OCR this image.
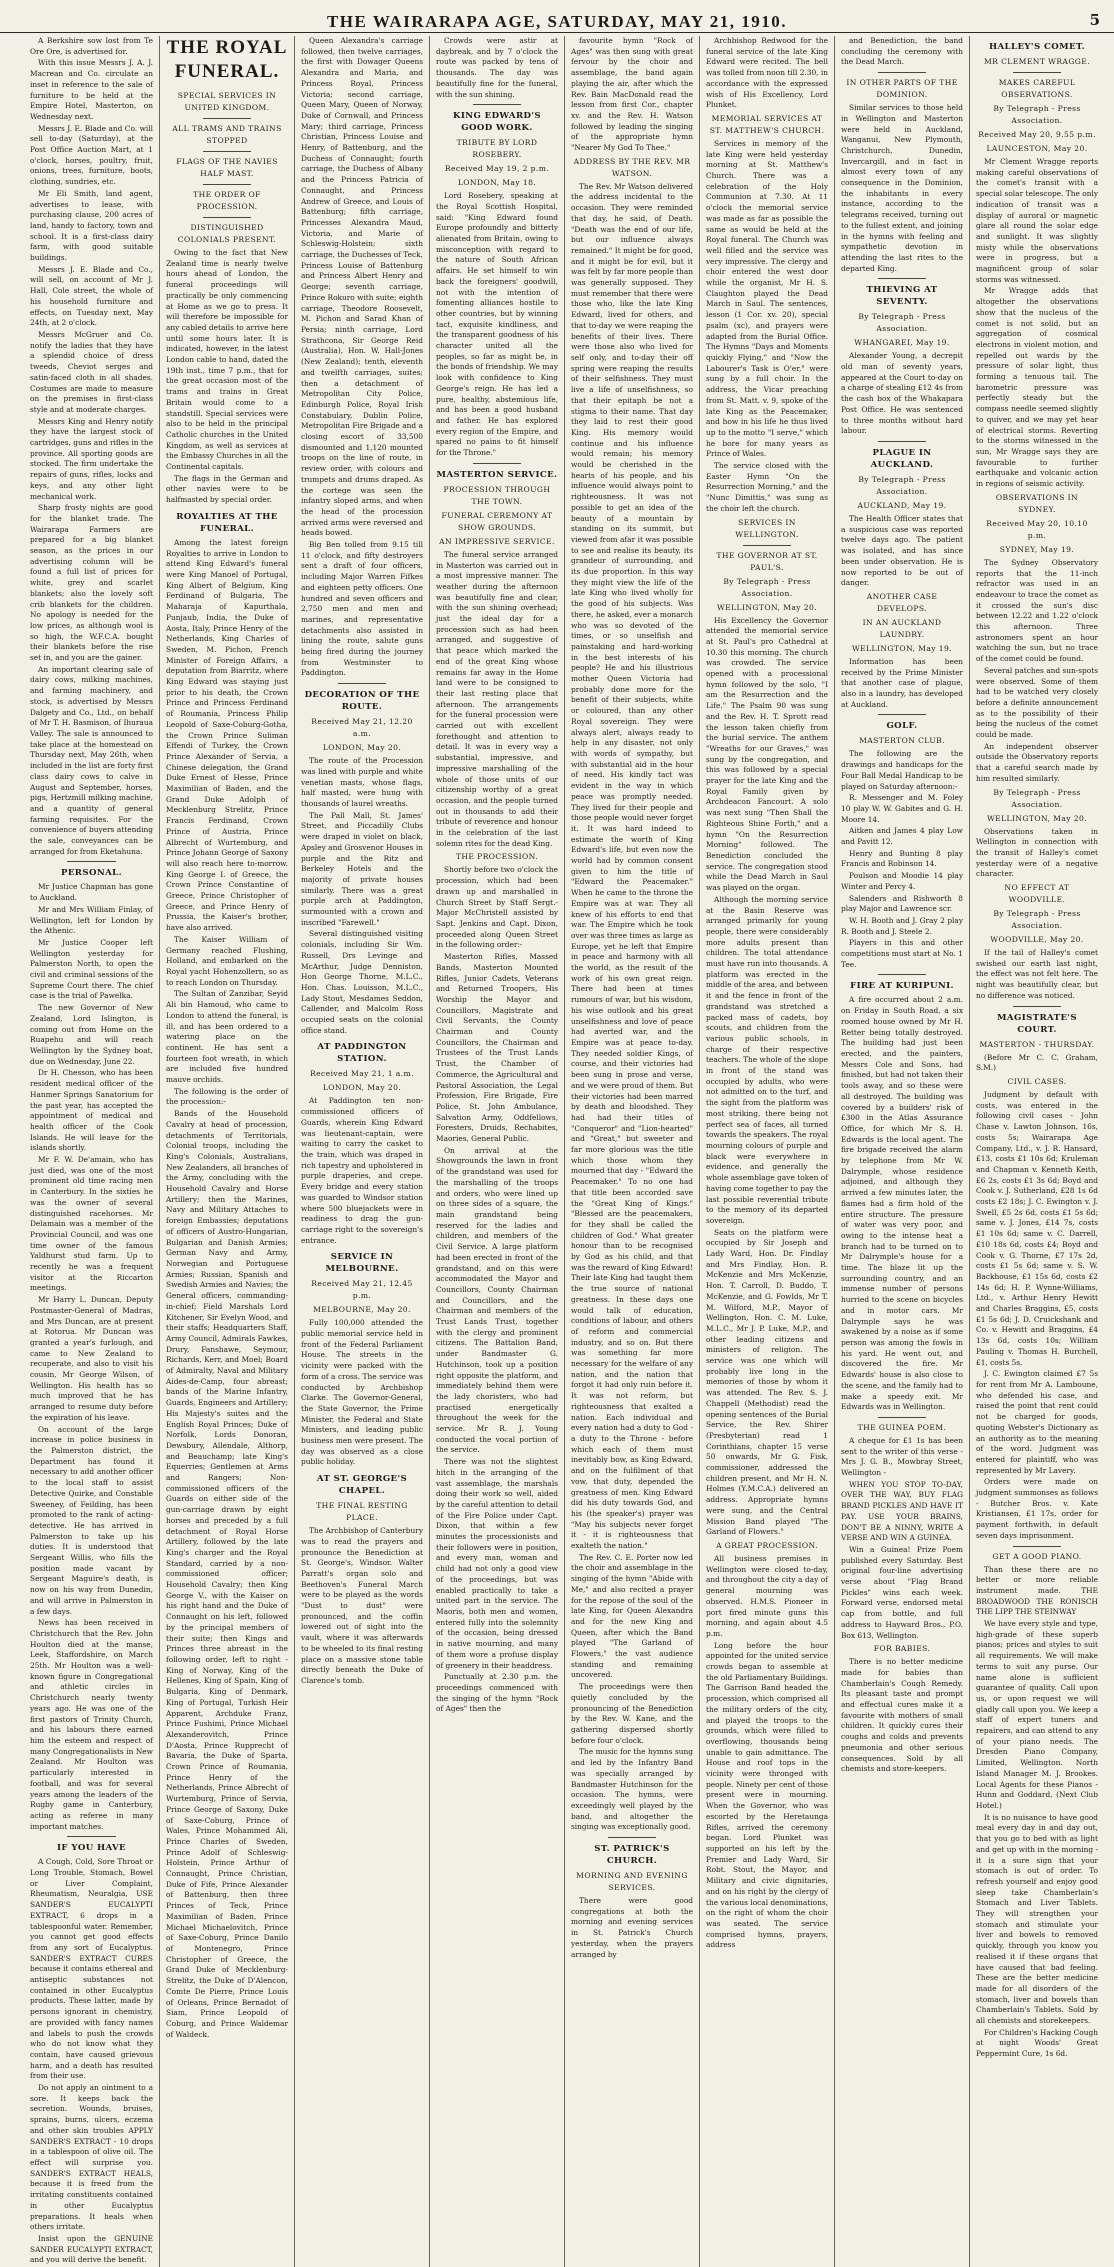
THE WAIRARAPA AGE, SATURDAY, MAY 21, 1910.	5

A Berkshire sow lost from Te Ore Ore, is advertised for.

With this issue Messrs J. A. J. Macrean and Co. circulate an inset in reference to the sale of furniture to be held at the Empire Hotel, Masterton, on Wednesday next.

Messrs J. E. Blade and Co. will sell to-day (Saturday), at the Post Office Auction Mart, at 1 o'clock, horses, poultry, fruit, onions, trees, furniture, boots, clothing, sundries, etc.

Mr Eli Smith, land agent, advertises to lease, with purchasing clause, 200 acres of land, handy to factory, town and school. It is a first-class dairy farm, with good suitable buildings.

Messrs J. E. Blade and Co., will sell, on account of Mr J. Hall, Cole street, the whole of his household furniture and effects, on Tuesday next, May 24th, at 2 o'clock.

Messrs McGruer and Co. notify the ladies that they have a splendid choice of dress tweeds, Cheviot serges and satin-faced cloth in all shades. Costumes are made to measure on the premises in first-class style and at moderate charges.

Messrs King and Henry notify they have the largest stock of cartridges, guns and rifles in the province. All sporting goods are stocked. The firm undertake the repairs of guns, rifles, locks and keys, and any other light mechanical work.

Sharp frosty nights are good for the blanket trade. The Wairarapa Farmers are prepared for a big blanket season, as the prices in our advertising column will be found a full list of prices for white, grey and scarlet blankets; also the lovely soft crib blankets for the children. No apology is needed for the low prices, as although wool is so high, the W.F.C.A. bought their blankets before the rise set in, and you are the gainer.

An important clearing sale of dairy cows, milking machines, and farming machinery, and stock, is advertised by Messrs Dalgety and Co., Ltd., on behalf of Mr T. H. Basmison, of Ihuraua Valley. The sale is announced to take place at the homestead on Thursday next, May 26th, when included in the list are forty first class dairy cows to calve in August and September, horses, pigs, Hertzmill milking machine, and a quantity of general farming requisites. For the convenience of buyers attending the sale, conveyances can be arranged for from Eketahuna.

PERSONAL.

Mr Justice Chapman has gone to Auckland.

Mr and Mrs William Finlay, of Wellington, left for London by the Athenic.

Mr Justice Cooper left Wellington yesterday for Palmerston North, to open the civil and criminal sessions of the Supreme Court there. The chief case is the trial of Pawelka.

The new Governor of New Zealand, Lord Islington, is coming out from Home on the Ruapehu and will reach Wellington by the Sydney boat, due on Wednesday, June 22.

Dr H. Chesson, who has been resident medical officer of the Hanmer Springs Sanatorium for the past year, has accepted the appointment of medical and health officer of the Cook Islands. He will leave for the islands shortly.

Mr F. W. De'amain, who has just died, was one of the most prominent old time racing men in Canterbury. In the sixties he was the owner of several distinguished racehorses. Mr Delamain was a member of the Provincial Council, and was one time owner of the famous Yaldhurst stud farm. Up to recently he was a frequent visitor at the Riccarton meetings.

Mr Harry L. Duncan, Deputy Postmaster-General of Madras, and Mrs Duncan, are at present at Rotorua. Mr Duncan was granted a year's furlough, and came to New Zealand to recuperate, and also to visit his cousin, Mr George Wilson, of Wellington. His health has so much improved that he has arranged to resume duty before the expiration of his leave.

On account of the large increase in police business in the Palmerston district, the Department has found it necessary to add another officer to the local staff to assist Detective Quirke, and Constable Sweeney, of Feilding, has been promoted to the rank of acting-detective. He has arrived in Palmerston to take up his duties. It is understood that Sergeant Willis, who fills the position made vacant by Sergeant Maguire's death, is now on his way from Dunedin, and will arrive in Palmerston in a few days.

News has been received in Christchurch that the Rev. John Houlton died at the manse, Leek, Staffordshire, on March 25th. Mr Houlton was a well-known figure in Congregational and athletic circles in Christchurch nearly twenty years ago. He was one of the first pastors of Trinity Church, and his labours there earned him the esteem and respect of many Congregationalists in New Zealand. Mr Houlton was particularly interested in football, and was for several years among the leaders of the Rugby game in Canterbury, acting as referee in many important matches.

IF YOU HAVE

A Cough, Cold, Sore Throat or Long Trouble, Stomach, Bowel or Liver Complaint, Rheumatism, Neuralgia, USE SANDER'S EUCALYPTI EXTRACT, 6 drops in a tablespoonful water. Remember, you cannot get good effects from any sort of Eucalyptus. SANDER'S EXTRACT CURES because it contains ethereal and antiseptic substances not contained in other Eucalyptus products. These latter, made by persons ignorant in chemistry, are provided with fancy names and labels to push the crowds who do not know what they contain, have caused grievous harm, and a death has resulted from their use.

Do not apply an ointment to a sore. It keeps back the secretion. Wounds, bruises, sprains, burns, ulcers, eczema and other skin troubles APPLY SANDER'S EXTRACT - 10 drops in a tablespoon of olive oil. The effect will surprise you. SANDER'S EXTRACT HEALS, because it is freed from the irritating constituents contained in other Eucalyptus preparations. It heals when others irritate.

Insist upon the GENUINE SANDER EUCALYPTI EXTRACT, and you will derive the benefit.

THE ROYAL FUNERAL.
SPECIAL SERVICES IN UNITED KINGDOM.
ALL TRAMS AND TRAINS STOPPED
FLAGS OF THE NAVIES HALF MAST.
THE ORDER OF PROCESSION.
DISTINGUISHED COLONIALS PRESENT.

Owing to the fact that New Zealand time is nearly twelve hours ahead of London, the funeral proceedings will practically be only commencing at Home as we go to press. It will therefore be impossible for any cabled details to arrive here until some hours later. It is indicated, however, in the latest London cable to hand, dated the 19th inst., time 7 p.m., that for the great occasion most of the trams and trains in Great Britain would come to a standstill. Special services were also to be held in the principal Catholic churches in the United Kingdom, as well as services at the Embassy Churches in all the Continental capitals.

The flags in the German and other navies were to be halfmasted by special order.

ROYALTIES AT THE FUNERAL.

Among the latest foreign Royalties to arrive in London to attend King Edward's funeral were King Manoel of Portugal, King Albert of Belgium, King Ferdinand of Bulgaria, The Maharaja of Kapurthala, Punjaub, India, the Duke of Aosta, Italy, Prince Henry of the Netherlands, King Charles of Sweden, M. Pichon, French Minister of Foreign Affairs, a deputation from Biarritz, where King Edward was staying just prior to his death, the Crown Prince and Princess Ferdinand of Roumania, Princess Philip Leopold of Saxe-Coburg-Gotha, the Crown Prince Suliman Effendi of Turkey, the Crown Prince Alexander of Servia, a Chinese delegation, the Grand Duke Ernest of Hesse, Prince Maximilian of Baden, and the Grand Duke Adolph of Mecklenburg Strelitz, Prince Francis Ferdinand, Crown Prince of Austria, Prince Albrecht of Wurtemburg, and Prince Johann George of Saxony will also reach here to-morrow. King George I. of Greece, the Crown Prince Constantine of Greece, Prince Christopher of Greece, and Prince Henry of Prussia, the Kaiser's brother, have also arrived.

The Kaiser William of Germany reached Flushing, Holland, and embarked on the Royal yacht Hohenzollern, so as to reach London on Thursday.

The Sultan of Zanzibar, Seyid Ali bin Hamoud, who came to London to attend the funeral, is ill, and has been ordered to a watering place on the continent. He has sent a fourteen foot wreath, in which are included five hundred mauve orchids.

The following is the order of the procession:-

Bands of the Household Cavalry at head of procession, detachments of Territorials, Colonial troops, including the King's Colonials, Australians, New Zealanders, all branches of the Army, concluding with the Household Cavalry and Horse Artillery; then the Marines, Navy and Military Attaches to foreign Embassies; deputations of officers of Austro-Hungarian, Bulgarian and Danish Armies; German Navy and Army, Norwegian and Portuguese Armies; Russian, Spanish and Swedish Armies and Navies; the General officers, commanding-in-chief; Field Marshals Lord Kitchener, Sir Evelyn Wood, and their staffs; Headquarters Staff, Army Council, Admirals Fawkes, Drury, Fanshawe, Seymour, Richards, Kerr, and Moel; Board of Admiralty, Naval and Military Aides-de-Camp, four abreast; bands of the Marine Infantry, Guards, Engineers and Artillery; His Majesty's suites and the English Royal Princes; Duke of Norfolk, Lords Donoran, Dewsbury, Allendale, Althorp, and Beauchamp; late King's Equerries; Gentlemen at Arms and Rangers; Non-commissioned officers of the Guards on either side of the gun-carriage drawn by eight horses and preceded by a full detachment of Royal Horse Artillery, followed by the late King's charger and the Royal Standard, carried by a non-commissioned officer; Household Cavalry; then King George V., with the Kaiser on his right hand and the Duke of Connaught on his left, followed by the principal members of their suite; then Kings and Princes three abreast in the following order, left to right - King of Norway, King of the Hellenes, King of Spain, King of Bulgaria, King of Denmark, King of Portugal, Turkish Heir Apparent, Archduke Franz, Prince Fushimi, Prince Michael Alexanderovitch, Prince D'Aosta, Prince Rupprecht of Bavaria, the Duke of Sparta, Crown Prince of Roumania, Prince Henry of the Netherlands, Prince Albrecht of Wurtemburg, Prince of Servia, Prince George of Saxony, Duke of Saxe-Coburg, Prince of Wales, Prince Mohammed Ali, Prince Charles of Sweden, Prince Adolf of Schleswig-Holstein, Prince Arthur of Connaught, Prince Christian, Duke of Fife, Prince Alexander of Battenburg, then three Princes of Teck, Prince Maximilian of Baden, Prince Michael Michaelovitch, Prince of Saxe-Coburg, Prince Danilo of Montenegro, Prince Christopher of Greece, the Grand Duke of Mecklenburg-Strelitz, the Duke of D'Alencon, Comte De Pierre, Prince Louis of Orleans, Prince Bernadot of Siam, Prince Leopold of Coburg, and Prince Waldemar of Waldeck.

Queen Alexandra's carriage followed, then twelve carriages, the first with Dowager Queens Alexandra and Maria, and Princess Royal, Princess Victoria; second carriage, Queen Mary, Queen of Norway, Duke of Cornwall, and Princess Mary; third carriage, Princess Christian, Princess Louise and Henry, of Battenburg, and the Duchess of Connaught; fourth carriage, the Duchess of Albany and the Princess Patricia of Connaught, and Princess Andrew of Greece, and Louis of Battenburg; fifth carriage, Princesses Alexandra Maud, Victoria, and Marie of Schleswig-Holstein; sixth carriage, the Duchesses of Teck, Princess Louise of Battenburg and Princess Albert Henry and George; seventh carriage, Prince Rokuro with suite; eighth carriage, Theodore Roosevelt, M. Pichon and Sarad Khan of Persia; ninth carriage, Lord Strathcona, Sir George Reid (Australia), Hon. W. Hall-Jones (New Zealand); tenth, eleventh and twelfth carriages, suites; then a detachment of Metropolitan City Police, Edinburgh Police, Royal Irish Constabulary, Dublin Police, Metropolitan Fire Brigade and a closing escort of 33,500 dismounted and 1,120 mounted troops on the line of route, in review order, with colours and trumpets and drums draped. As the cortege was seen the infantry sloped arms, and when the head of the procession arrived arms were reversed and heads bowed.

Big Ben tolled from 9.15 till 11 o'clock, and fifty destroyers sent a draft of four officers, including Major Warren Fifkes and eighteen petty officers. One hundred and seven officers and 2,750 men and men and marines, and representative detachments also assisted in lining the route, salute guns being fired during the journey from Westminster to Paddington.

DECORATION OF THE ROUTE.
Received May 21, 12.20 a.m.
LONDON, May 20.

The route of the Procession was lined with purple and white venetian masts, whose flags, half masted, were hung with thousands of laurel wreaths.

The Pall Mall, St. James' Street, and Piccadilly Clubs were draped in violet on black, Apsley and Grosvenor Houses in purple and the Ritz and Berkeley Hotels and the majority of private houses similarly. There was a great purple arch at Paddington, surmounted with a crown and inscribed "Farewell."

Several distinguished visiting colonials, including Sir Wm. Russell, Drs Levinge and McArthur, Judge Denniston, Hon George Thorne, M.L.C., Hon. Chas. Louisson, M.L.C., Lady Stout, Mesdames Seddon, Callender, and Malcolm Ross occupied seats on the colonial office stand.

AT PADDINGTON STATION.
Received May 21, 1 a.m.
LONDON, May 20.

At Paddington ten non-commissioned officers of Guards, wherein King Edward was lieutenant-captain, were waiting to carry the casket to the train, which was draped in rich tapestry and upholstered in purple draperies, and crepe. Every bridge and every station was guarded to Windsor station where 500 bluejackets were in readiness to drag the gun-carriage right to the sovereign's entrance.

SERVICE IN MELBOURNE.
Received May 21, 12.45 p.m.
MELBOURNE, May 20.

Fully 100,000 attended the public memorial service held in front of the Federal Parliament House. The streets in the vicinity were packed with the form of a cross. The service was conducted by Archbishop Clarke. The Governor-General, the State Governor, the Prime Minister, the Federal and State Ministers, and leading public business men were present. The day was observed as a close public holiday.

AT ST. GEORGE'S CHAPEL.
THE FINAL RESTING PLACE.

The Archbishop of Canterbury was to read the prayers and pronounce the Benediction at St. George's, Windsor. Walter Parratt's organ solo and Beethoven's Funeral March were to be played as the words "Dust to dust" were pronounced, and the coffin lowered out of sight into the vault, where it was afterwards to be wheeled to its final resting place on a massive stone table directly beneath the Duke of Clarence's tomb.

Crowds were astir at daybreak, and by 7 o'clock the route was packed by tens of thousands. The day was beautifully fine for the funeral, with the sun shining.

KING EDWARD'S GOOD WORK.
TRIBUTE BY LORD ROSEBERY.
Received May 19, 2 p.m.
LONDON, May 18.

Lord Rosebery, speaking at the Royal Scottish Hospital, said: "King Edward found Europe profoundly and bitterly alienated from Britain, owing to misconception with regard to the nature of South African affairs. He set himself to win back the foreigners' goodwill, not with the intention of fomenting alliances hostile to other countries, but by winning tact, exquisite kindliness, and the transparent goodness of his character united all the peoples, so far as might be, in the bonds of friendship. We may look with confidence to King George's reign. He has led a pure, healthy, abstemious life, and has been a good husband and father. He has explored every region of the Empire, and spared no pains to fit himself for the Throne."

MASTERTON SERVICE.
PROCESSION THROUGH THE TOWN.
FUNERAL CEREMONY AT SHOW GROUNDS.
AN IMPRESSIVE SERVICE.

The funeral service arranged in Masterton was carried out in a most impressive manner. The weather during the afternoon was beautifully fine and clear, with the sun shining overhead; just the ideal day for a procession such as had been arranged, and suggestive of that peace which marked the end of the great King whose remains far away in the Home land were to be consigned to their last resting place that afternoon. The arrangements for the funeral procession were carried out with excellent forethought and attention to detail. It was in every way a substantial, impressive, and impressive marshalling of the whole of those units of our citizenship worthy of a great occasion, and the people turned out in thousands to add their tribute of reverence and honour in the celebration of the last solemn rites for the dead King.

THE PROCESSION.

Shortly before two o'clock the procession, which had been drawn up and marshalled in Church Street by Staff Sergt.-Major McChristell assisted by Sapt. Jenkins and Capt. Dixon, proceeded along Queen Street in the following order:-

Masterton Rifles, Massed Bands, Masterton Mounted Rifles, Junior Cadets, Veterans and Returned Troopers, His Worship the Mayor and Councillors, Magistrate and Civil Servants, the County Chairman and County Councillors, the Chairman and Trustees of the Trust Lands Trust, the Chamber of Commerce, the Agricultural and Pastoral Association, the Legal Profession, Fire Brigade, Fire Police, St. John Ambulance, Salvation Army, Oddfellows, Foresters, Druids, Rechabites, Maories, General Public.

On arrival at the Showgrounds the lawn in front of the grandstand was used for the marshalling of the troops and orders, who were lined up on three sides of a square, the main grandstand being reserved for the ladies and children, and members of the Civil Service. A large platform had been erected in front of the grandstand, and on this were accommodated the Mayor and Councillors, County Chairman and Councillors, and the Chairman and members of the Trust Lands Trust, together with the clergy and prominent citizens. The Battalion Band, under Bandmaster G. Hutchinson, took up a position right opposite the platform, and immediately behind them were the lady choristers, who had practised energetically throughout the week for the service. Mr R. J. Young conducted the vocal portion of the service.

There was not the slightest hitch in the arranging of the vast assemblage, the marshals doing their work so well, aided by the careful attention to detail of the Fire Police under Capt. Dixon, that within a few minutes the processionists and their followers were in position, and every man, woman and child had not only a good view of the proceedings, but was enabled practically to take a united part in the service. The Maoris, both men and women, entered fully into the solemnity of the occasion, being dressed in native mourning, and many of them wore a profuse display of greenery in their headdress.

Punctually at 2.30 p.m. the proceedings commenced with the singing of the hymn "Rock of Ages" then the

favourite hymn "Rock of Ages" was then sung with great fervour by the choir and assemblage, the band again playing the air, after which the Rev. Bain MacDonald read the lesson from first Cor., chapter xv. and the Rev. H. Watson followed by leading the singing of the appropriate hymn "Nearer My God To Thee."

ADDRESS BY THE REV. MR WATSON.

The Rev. Mr Watson delivered the address incidental to the occasion. They were reminded that day, he said, of Death. "Death was the end of our life, but our influence always remained." It might be for good, and it might be for evil, but it was felt by far more people than was generally supposed. They must remember that there were those who, like the late King Edward, lived for others, and that to-day we were reaping the benefits of their lives. There were those also who lived for self only, and to-day their off spring were reaping the results of their selfishness. They must live a life of unselfishness, so that their epitaph be not a stigma to their name. That day they laid to rest their good King. His memory would continue and his influence would remain; his memory would be cherished in the hearts of his people, and his influence would always point to righteousness. It was not possible to get an idea of the beauty of a mountain by standing on its summit, but viewed from afar it was possible to see and realise its beauty, its grandeur of surrounding, and its due proportion. In this way they might view the life of the late King who lived wholly for the good of his subjects. Was there, he asked, ever a monarch who was so devoted of the times, or so unselfish and painstaking and hard-working in the best interests of his people? He and his illustrious mother Queen Victoria had probably done more for the benefit of their subjects, white or coloured, than any other Royal sovereign. They were always alert, always ready to help in any disaster, not only with words of sympathy, but with substantial aid in the hour of need. His kindly tact was evident in the way in which peace was promptly needed. They lived for their people and those people would never forget it. It was hard indeed to estimate the worth of King Edward's life, but even now the world had by common consent given to him the title of "Edward the Peacemaker." When he came to the throne the Empire was at war. They all knew of his efforts to end that war. The Empire which he took over was three times as large as Europe, yet he left that Empire in peace and harmony with all the world, as the result of the work of his own great reign. There had been at times rumours of war, but his wisdom, his wise outlook and his great unselfishness and love of peace had averted war, and the Empire was at peace to-day. They needed soldier Kings, of course, and their victories had been sung in prose and verse, and we were proud of them. But their victories had been marred by death and bloodshed. They had had their titles of "Conqueror" and "Lion-hearted" and "Great," but sweeter and far more glorious was the title which those whom they mourned that day - "Edward the Peacemaker." To no one had that title been accorded save the "Great King of Kings." "Blessed are the peacemakers, for they shall be called the children of God." What greater honour than to be recognised by God as his child, and that was the reward of King Edward! Their late King had taught them the true source of national greatness. In these days one would talk of education, conditions of labour, and others of reform and commercial industry, and so on. But there was something far more necessary for the welfare of any nation, and the nation that forgot it had only ruin before it. It was not reform, but righteousness that exalted a nation. Each individual and every nation had a duty to God - a duty to the Throne - before which each of them must inevitably bow, as King Edward, and on the fulfilment of that vow, that duty, depended the greatness of men. King Edward did his duty towards God, and his (the speaker's) prayer was "May his subjects never forget it - it is righteousness that exalteth the nation."

The Rev. C. E. Porter now led the choir and assemblage in the singing of the hymn "Abide with Me," and also recited a prayer for the repose of the soul of the late King, for Queen Alexandra and for the new King and Queen, after which the Band played "The Garland of Flowers," the vast audience standing and remaining uncovered.

The proceedings were then quietly concluded by the pronouncing of the Benediction by the Rev. W. Kane, and the gathering dispersed shortly before four o'clock.

The music for the hymns sung and led by the Infantry Band was specially arranged by Bandmaster Hutchinson for the occasion. The hymns, were exceedingly well played by the band, and altogether the singing was exceptionally good.

ST. PATRICK'S CHURCH.
MORNING AND EVENING SERVICES.

There were good congregations at both the morning and evening services in St. Patrick's Church yesterday, when the prayers arranged by

Archbishop Redwood for the funeral service of the late King Edward were recited. The bell was tolled from noon till 2.30, in accordance with the expressed wish of His Excellency, Lord Plunket.

MEMORIAL SERVICES AT ST. MATTHEW'S CHURCH.

Services in memory of the late King were held yesterday morning at St. Matthew's Church. There was a celebration of the Holy Communion at 7.30. At 11 o'clock the memorial service was made as far as possible the same as would be held at the Royal funeral. The Church was well filled and the service was very impressive. The clergy and choir entered the west door while the organist, Mr H. S. Claughton played the Dead March in Saul. The sentences, lesson (1 Cor. xv. 20), special psalm (xc), and prayers were adapted from the Burial Office. The Hymns "Days and Moments quickly Flying," and "Now the Labourer's Task is O'er," were sung by a full choir. In the address, the Vicar preaching from St. Matt. v. 9, spoke of the late King as the Peacemaker, and how in his life he thus lived up to the motto "I serve," which he bore for many years as Prince of Wales.

The service closed with the Easter Hymn "On the Resurrection Morning," and the "Nunc Dimittis," was sung as the choir left the church.

SERVICES IN WELLINGTON.
THE GOVERNOR AT ST. PAUL'S.
By Telegraph - Press Association.
WELLINGTON, May 20.

His Excellency the Governor attended the memorial service at St. Paul's pro Cathedral at 10.30 this morning. The church was crowded. The service opened with a processional hymn followed by the solo, "I am the Resurrection and the Life." The Psalm 90 was sung and the Rev. H. T. Sprott read the lesson taken chiefly from the burial service. The anthem "Wreaths for our Graves," was sung by the congregation, and this was followed by a special prayer for the late King and the Royal Family given by Archdeacon Fancourt. A solo was next sung "Then Shall the Righteous Shine Forth," and a hymn "On the Resurrection Morning" followed. The Benediction concluded the service. The congregation stood while the Dead March in Saul was played on the organ.

Although the morning service at the Basin Reserve was arranged primarily for young people, there were considerably more adults present than children. The total attendance must have run into thousands. A platform was erected in the middle of the area, and between it and the fence in front of the grandstand was stretched a packed mass of cadets, boy scouts, and children from the various public schools, in charge of their respective teachers. The whole of the slope in front of the stand was occupied by adults, who were not admitted on to the turf, and the sight from the platform was most striking, there being not perfect sea of faces, all turned towards the speakers. The royal mourning colours of purple and black were everywhere in evidence, and generally the whole assemblage gave token of having come together to pay the last possible reverential tribute to the memory of its departed sovereign.

Seats on the platform were occupied by Sir Joseph and Lady Ward, Hon. Dr. Findlay and Mrs Findlay, Hon. R. McKenzie and Mrs McKenzie, Hon. T. Carroll, D. Buddo, T. McKenzie, and G. Fowlds, Mr T. M. Wilford, M.P., Mayor of Wellington, Hon. C. M. Luke, M.L.C., Mr J. P. Luke, M.P., and other leading citizens and ministers of religion. The service was one which will probably live long in the memories of those by whom it was attended. The Rev. S. J. Chappell (Methodist) read the opening sentences of the Burial Service, the Rev. Shirer (Presbyterian) read 1 Corinthians, chapter 15 verse 50 onwards, Mr G. Fisk, commissioner, addressed the children present, and Mr H. N. Holmes (Y.M.C.A.) delivered an address. Appropriate hymns were sung, and the Central Mission Band played "The Garland of Flowers."

A GREAT PROCESSION.

All business premises in Wellington were closed to-day, and throughout the city a day of general mourning was observed. H.M.S. Pioneer in port fired minute guns this morning, and again about 4.5 p.m.

Long before the hour appointed for the united service crowds began to assemble at the old Parliamentary Buildings. The Garrison Band headed the procession, which comprised all the military orders of the city, and played the troops to the grounds, which were filled to overflowing, thousands being unable to gain admittance. The House and roof tops in the vicinity were thronged with people. Ninety per cent of those present were in mourning. When the Governor, who was escorted by the Heretaunga Rifles, arrived the ceremony began. Lord Plunket was supported on his left by the Premier and Lady Ward, Sir Robt. Stout, the Mayor, and Military and civic dignitaries, and on his right by the clergy of the various local denominations, on the right of whom the choir was seated. The service comprised hymns, prayers, address

and Benediction, the band concluding the ceremony with the Dead March.

IN OTHER PARTS OF THE DOMINION.

Similar services to those held in Wellington and Masterton were held in Auckland, Wanganui, New Plymouth, Christchurch, Dunedin, Invercargill, and in fact in almost every town of any consequence in the Dominion, the inhabitants in every instance, according to the telegrams received, turning out to the fullest extent, and joining in the hymns with feeling and sympathetic devotion in attending the last rites to the departed King.

THIEVING AT SEVENTY.
By Telegraph - Press Association.
WHANGAREI, May 19.

Alexander Young, a decrepit old man of seventy years, appeared at the Court to-day on a charge of stealing £12 4s from the cash box of the Whakapara Post Office. He was sentenced to three months without hard labour.

PLAGUE IN AUCKLAND.
By Telegraph - Press Association.
AUCKLAND, May 19.

The Health Officer states that a suspicious case was reported twelve days ago. The patient was isolated, and has since been under observation. He is now reported to be out of danger.

ANOTHER CASE DEVELOPS.
IN AN AUCKLAND LAUNDRY.
WELLINGTON, May 19.

Information has been received by the Prime Minister that another case of plague, also in a laundry, has developed at Auckland.

GOLF.
MASTERTON CLUB.

The following are the drawings and handicaps for the Four Ball Medal Handicap to be played on Saturday afternoon:-

R. Messenger and M. Foley 10 play W. W. Gabites and G. H. Moore 14.

Aitken and James 4 play Low and Pavitt 12.

Henry and Bunting 8 play Francis and Robinson 14.

Poulson and Moodie 14 play Winter and Percy 4.

Salenders and Rishworth 8 play Major and Lawrence scr.

W. H. Booth and J. Gray 2 play R. Booth and J. Steele 2.

Players in this and other competitions must start at No. 1 Tee.

FIRE AT KURIPUNI.

A fire occurred about 2 a.m. on Friday in South Road, a six roomed house owned by Mr H. Retter being totally destroyed. The building had just been erected, and the painters, Messrs Cole and Sons, had finished, but had not taken their tools away, and so these were all destroyed. The building was covered by a builders' risk of £300 in the Atlas Assurance Office, for which Mr S. H. Edwards is the local agent. The fire brigade received the alarm by telephone from Mr W. Dalrymple, whose residence adjoined, and although they arrived a few minutes later, the flames had a firm hold of the entire structure. The pressure of water was very poor, and owing to the intense heat a branch had to be turned on to Mr Dalrymple's house for a time. The blaze lit up the surrounding country, and an immense number of persons hurried to the scene on bicycles and in motor cars. Mr Dalrymple says he was awakened by a noise as if some person was among the fowls in his yard. He went out, and discovered the fire. Mr Edwards' house is also close to the scene, and the family had to make a speedy exit. Mr Edwards was in Wellington.

THE GUINEA POEM.

A cheque for £1 1s has been sent to the writer of this verse - Mrs J. G. B., Mowbray Street, Wellington -

WHEN YOU STOP TO-DAY, OVER THE WAY, BUY FLAG BRAND PICKLES AND HAVE IT PAY. USE YOUR BRAINS, DON'T BE A NINNY, WRITE A VERSE AND WIN A GUINEA.

Win a Guinea! Prize Poem published every Saturday. Best original four-line advertising verse about "Flag Brand Pickles" wins each week. Forward verse, endorsed metal cap from bottle, and full address to Hayward Bros., P.O. Box 613, Wellington.

FOR BABIES.

There is no better medicine made for babies than Chamberlain's Cough Remedy. Its pleasant taste and prompt and effectual cures make it a favourite with mothers of small children. It quickly cures their coughs and colds and prevents pneumonia and other serious consequences. Sold by all chemists and store-keepers.

HALLEY'S COMET.
MR CLEMENT WRAGGE.
MAKES CAREFUL OBSERVATIONS.
By Telegraph - Press Association.
Received May 20, 9.55 p.m.
LAUNCESTON, May 20.

Mr Clement Wragge reports making careful observations of the comet's transit with a special solar telescope. The only indication of transit was a display of auroral or magnetic glare all round the solar edge and sunlight. It was slightly misty while the observations were in progress, but a magnificent group of solar storms was witnessed.

Mr Wragge adds that altogether the observations show that the nucleus of the comet is not solid, but an aggregation of cosmical electrons in violent motion, and repelled out wards by the pressure of solar light, thus forming a tenuous tail. The barometric pressure was perfectly steady but the compass needle seemed slightly to quiver, and we may yet hear of electrical storms. Reverting to the storms witnessed in the sun, Mr Wragge says they are favourable to further earthquake and volcanic action in regions of seismic activity.

OBSERVATIONS IN SYDNEY.
Received May 20, 10.10 p.m.
SYDNEY, May 19.

The Sydney Observatory reports that the 11-inch refractor was used in an endeavour to trace the comet as it crossed the sun's disc between 12.22 and 1.22 o'clock this afternoon. Three astronomers spent an hour watching the sun, but no trace of the comet could be found.

Several patches and sun-spots were observed. Some of them had to be watched very closely before a definite announcement as to the possibility of their being the nucleus of the comet could be made.

An independent observer outside the Observatory reports that a careful search made by him resulted similarly.

By Telegraph - Press Association.
WELLINGTON, May 20.

Observations taken in Wellington in connection with the transit of Halley's comet yesterday were of a negative character.

NO EFFECT AT WOODVILLE.
By Telegraph - Press Association.
WOODVILLE, May 20.

If the tail of Halley's comet swished our earth last night, the effect was not felt here. The night was beautifully clear, but no difference was noticed.

MAGISTRATE'S COURT.
MASTERTON - THURSDAY.

(Before Mr C. C. Graham, S.M.)

CIVIL CASES.

Judgment by default with costs, was entered in the following civil cases - John Chase v. Lawton Johnson, 16s, costs 5s; Wairarapa Age Company, Ltd., v. J. R. Hansard, £13, costs £1 10s 6d; Kruleman and Chapman v. Kenneth Keith, £6 2s, costs £1 3s 6d; Boyd and Cook v. J. Sutherland, £28 1s 6d costs £2 18s; J. C. Ewington v. J. Swell, £5 2s 6d, costs £1 5s 6d; same v. J. Jones, £14 7s, costs £1 10s 6d; same v. C. Darrell, £10 18s 6d, costs £4; Boyd and Cook v. G. Thorne, £7 17s 2d, costs £1 5s 6d; same v. S. W. Backhouse, £1 15s 6d, costs £2 14s 6d; H. P. Wynne-Williams, Ltd., v. Arthur Henry Hewitt and Charles Braggins, £5, costs £1 5s 6d; J. D. Cruickshank and Co. v. Hewitt and Braggins, £4 13s 6d, costs 10s; William Pauling v. Thomas H. Burchell, £1, costs 5s.

J. C. Ewington claimed £7 5s for rent from Mr A. Lamboune, who defended his case, and raised the point that rent could not be charged for goods, quoting Webster's Dictionary as an authority as to the meaning of the word. Judgment was entered for plaintiff, who was represented by Mr Lavery.

Orders were made on judgment summonses as follows - Butcher Bros. v. Kate Kristiansen, £1 17s, order for payment forthwith, in default seven days imprisonment.

GET A GOOD PIANO.

Than these there are no better or more reliable instrument made. THE BROADWOOD THE RONISCH THE LIPP THE STEINWAY

We have every style and type, high-grade of these superb pianos; prices and styles to suit all requirements. We will make terms to suit any purse. Our name alone is sufficient guarantee of quality. Call upon us, or upon request we will gladly call upon you. We keep a staff of expert tuners and repairers, and can attend to any of your piano needs. The Dresden Piano Company, Limited, Wellington. North Island Manager M. J. Brookes. Local Agents for these Pianos - Hunn and Goddard, (Next Club Hotel.)

It is no nuisance to have good meal every day in and day out, that you go to bed with as light and get up with in the morning - it is a sure sign that your stomach is out of order. To refresh yourself and enjoy good sleep take Chamberlain's Stomach and Liver Tablets. They will strengthen your stomach and stimulate your liver and bowels to removed quickly, through you know you realised it if these organs that have caused that bad feeling. These are the better medicine made for all disorders of the stomach, liver and bowels than Chamberlain's Tablets. Sold by all chemists and storekeepers.

For Children's Hacking Cough at night Woods' Great Peppermint Cure, 1s 6d.
